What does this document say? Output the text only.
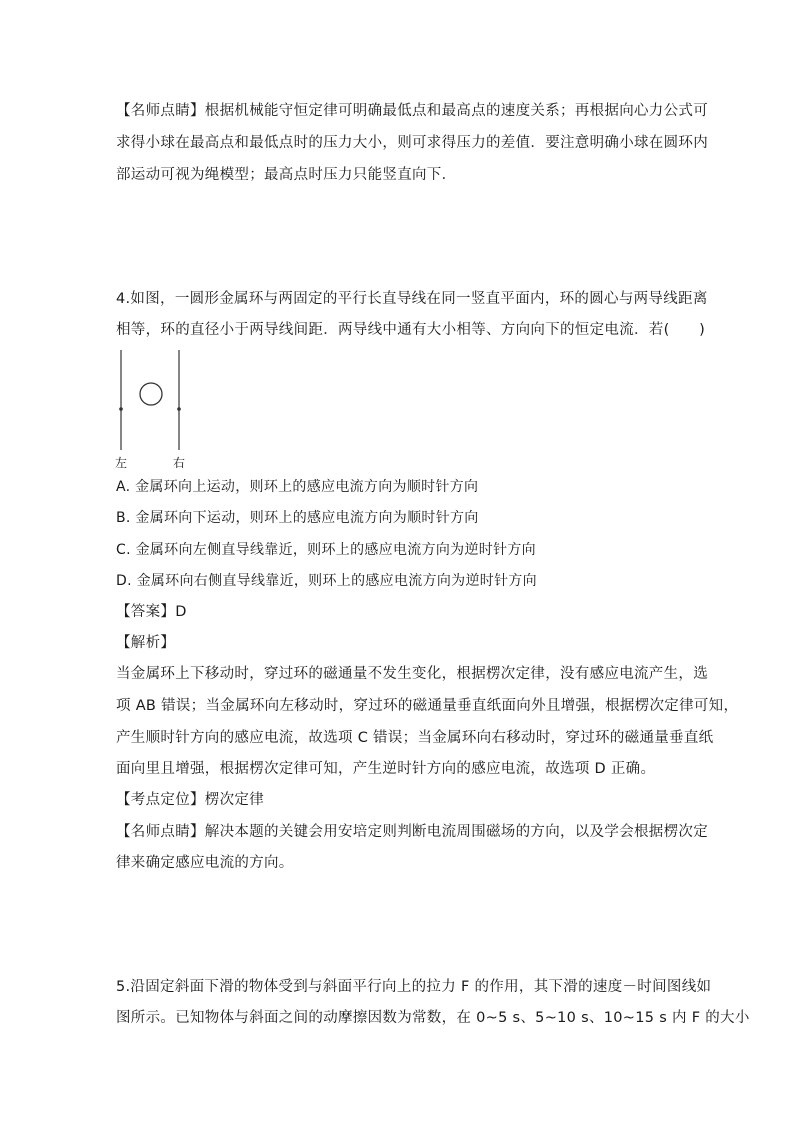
【名师点睛】根据机械能守恒定律可明确最低点和最高点的速度关系；再根据向心力公式可
求得小球在最高点和最低点时的压力大小，则可求得压力的差值．要注意明确小球在圆环内
部运动可视为绳模型；最高点时压力只能竖直向下．
4.如图，一圆形金属环与两固定的平行长直导线在同一竖直平面内，环的圆心与两导线距离
相等，环的直径小于两导线间距．两导线中通有大小相等、方向向下的恒定电流．若(　　)
左	右
A. 金属环向上运动，则环上的感应电流方向为顺时针方向
B. 金属环向下运动，则环上的感应电流方向为顺时针方向
C. 金属环向左侧直导线靠近，则环上的感应电流方向为逆时针方向
D. 金属环向右侧直导线靠近，则环上的感应电流方向为逆时针方向
【答案】D
【解析】
当金属环上下移动时，穿过环的磁通量不发生变化，根据楞次定律，没有感应电流产生，选
项 AB 错误；当金属环向左移动时，穿过环的磁通量垂直纸面向外且增强，根据楞次定律可知，
产生顺时针方向的感应电流，故选项 C 错误；当金属环向右移动时，穿过环的磁通量垂直纸
面向里且增强，根据楞次定律可知，产生逆时针方向的感应电流，故选项 D 正确。
【考点定位】楞次定律
【名师点睛】解决本题的关键会用安培定则判断电流周围磁场的方向，以及学会根据楞次定
律来确定感应电流的方向。
5.沿固定斜面下滑的物体受到与斜面平行向上的拉力 F 的作用，其下滑的速度－时间图线如
图所示。已知物体与斜面之间的动摩擦因数为常数，在 0~5 s、5~10 s、10~15 s 内 F 的大小
